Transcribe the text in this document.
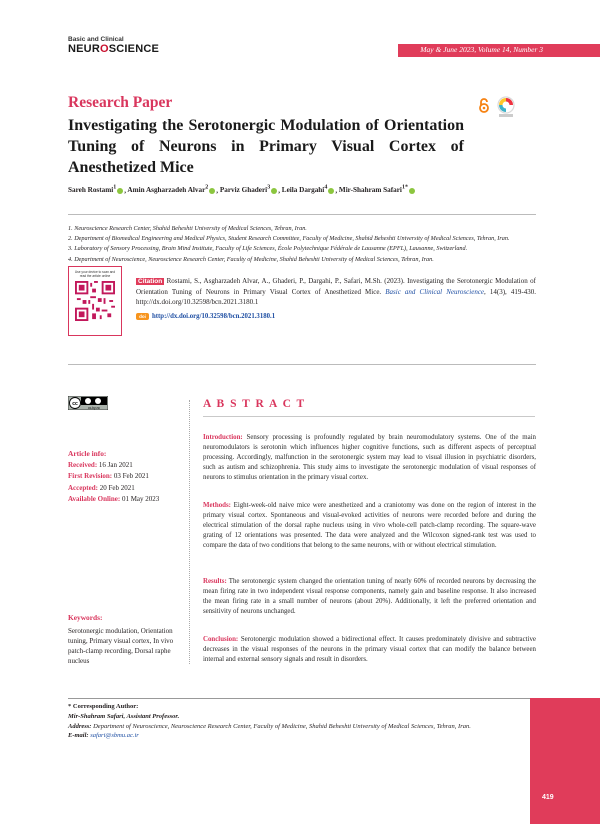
Basic and Clinical
NEUROSCIENCE	May & June 2023, Volume 14, Number 3
Research Paper
Investigating the Serotonergic Modulation of Orientation Tuning of Neurons in Primary Visual Cortex of Anesthetized Mice
Sareh Rostami$^1$ , Amin Asgharzadeh Alvar$^2$ , Parviz Ghaderi$^3$ , Leila Dargahi$^4$ , Mir-Shahram Safari$^{1*}$
1. Neuroscience Research Center, Shahid Beheshti University of Medical Sciences, Tehran, Iran.
2. Department of Biomedical Engineering and Medical Physics, Student Research Committee, Faculty of Medicine, Shahid Beheshti University of Medical Sciences, Tehran, Iran.
3. Laboratory of Sensory Processing, Brain Mind Institute, Faculty of Life Sciences, École Polytechnique Fédérale de Lausanne (EPFL), Lausanne, Switzerland.
4. Department of Neuroscience, Neuroscience Research Center, Faculty of Medicine, Shahid Beheshti University of Medical Sciences, Tehran, Iran.
Use your device to scan and read the article online
Citation Rostami, S., Asgharzadeh Alvar, A., Ghaderi, P., Dargahi, P., Safari, M.Sh. (2023). Investigating the Serotonergic Modulation of Orientation Tuning of Neurons in Primary Visual Cortex of Anesthetized Mice. Basic and Clinical Neuroscience, 14(3), 419-430. http://dx.doi.org/10.32598/bcn.2021.3180.1
doi http://dx.doi.org/10.32598/bcn.2021.3180.1
cc
cc-by-nc	A B S T R A C T
Article info:
Received: 16 Jan 2021
First Revision: 03 Feb 2021
Accepted: 20 Feb 2021
Available Online: 01 May 2023
Keywords:
Serotonergic modulation, Orientation tuning, Primary visual cortex, In vivo patch-clamp recording, Dorsal raphe nucleus
Introduction: Sensory processing is profoundly regulated by brain neuromodulatory systems. One of the main neuromodulators is serotonin which influences higher cognitive functions, such as different aspects of perceptual processing. Accordingly, malfunction in the serotonergic system may lead to visual illusion in psychiatric disorders, such as autism and schizophrenia. This study aims to investigate the serotonergic modulation of visual responses of neurons to stimulus orientation in the primary visual cortex.
Methods: Eight-week-old naive mice were anesthetized and a craniotomy was done on the region of interest in the primary visual cortex. Spontaneous and visual-evoked activities of neurons were recorded before and during the electrical stimulation of the dorsal raphe nucleus using in vivo whole-cell patch-clamp recording. The square-wave grating of 12 orientations was presented. The data were analyzed and the Wilcoxon signed-rank test was used to compare the data of two conditions that belong to the same neurons, with or without electrical stimulation.
Results: The serotonergic system changed the orientation tuning of nearly 60% of recorded neurons by decreasing the mean firing rate in two independent visual response components, namely gain and baseline response. It also increased the mean firing rate in a small number of neurons (about 20%). Additionally, it left the preferred orientation and sensitivity of neurons unchanged.
Conclusion: Serotonergic modulation showed a bidirectional effect. It causes predominately divisive and subtractive decreases in the visual responses of the neurons in the primary visual cortex that can modify the balance between internal and external sensory signals and result in disorders.
* Corresponding Author:
Mir-Shahram Safari, Assistant Professor.
Address: Department of Neuroscience, Neuroscience Research Center, Faculty of Medicine, Shahid Beheshti University of Medical Sciences, Tehran, Iran.
E-mail: safari@sbmu.ac.ir
419
